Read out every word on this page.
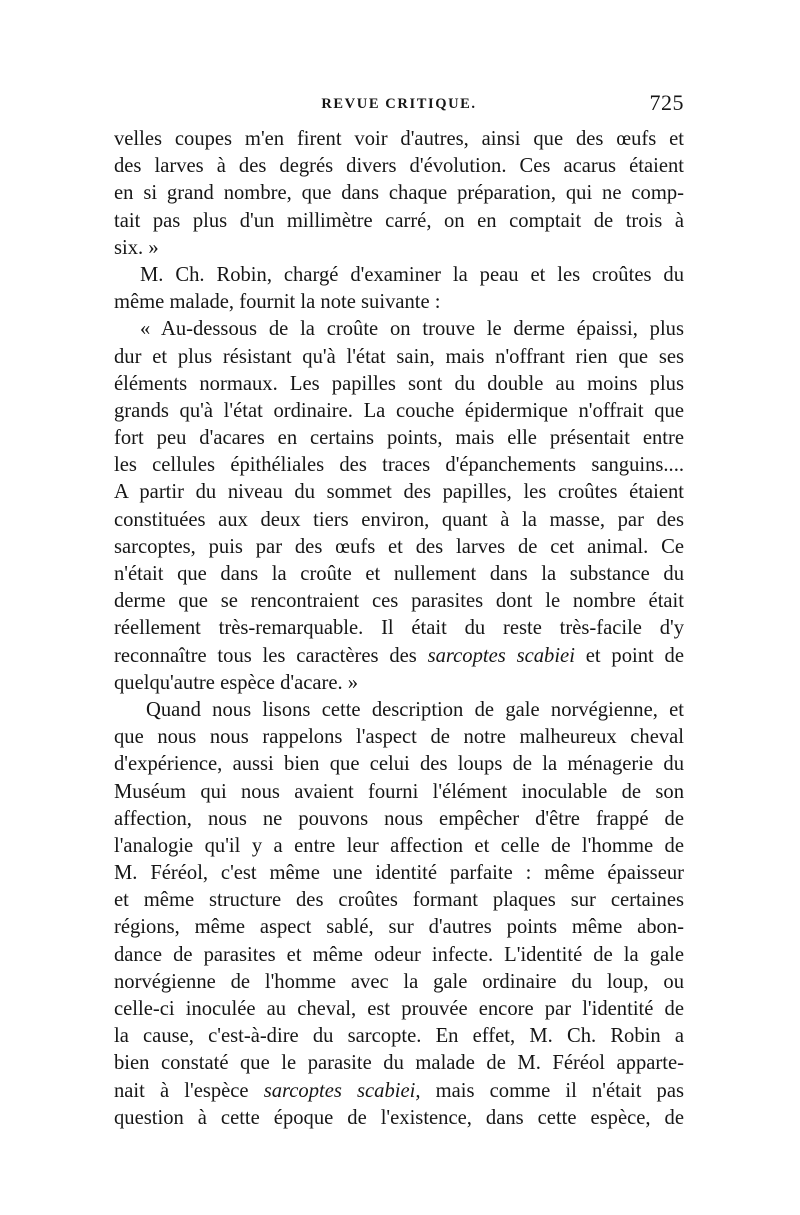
REVUE CRITIQUE.	725
velles coupes m'en firent voir d'autres, ainsi que des œufs et
des larves à des degrés divers d'évolution. Ces acarus étaient
en si grand nombre, que dans chaque préparation, qui ne comp-
tait pas plus d'un millimètre carré, on en comptait de trois à
six. »
M. Ch. Robin, chargé d'examiner la peau et les croûtes du
même malade, fournit la note suivante :
« Au-dessous de la croûte on trouve le derme épaissi, plus
dur et plus résistant qu'à l'état sain, mais n'offrant rien que ses
éléments normaux. Les papilles sont du double au moins plus
grands qu'à l'état ordinaire. La couche épidermique n'offrait que
fort peu d'acares en certains points, mais elle présentait entre
les cellules épithéliales des traces d'épanchements sanguins....
A partir du niveau du sommet des papilles, les croûtes étaient
constituées aux deux tiers environ, quant à la masse, par des
sarcoptes, puis par des œufs et des larves de cet animal. Ce
n'était que dans la croûte et nullement dans la substance du
derme que se rencontraient ces parasites dont le nombre était
réellement très-remarquable. Il était du reste très-facile d'y
reconnaître tous les caractères des sarcoptes scabiei et point de
quelqu'autre espèce d'acare. »
Quand nous lisons cette description de gale norvégienne, et
que nous nous rappelons l'aspect de notre malheureux cheval
d'expérience, aussi bien que celui des loups de la ménagerie du
Muséum qui nous avaient fourni l'élément inoculable de son
affection, nous ne pouvons nous empêcher d'être frappé de
l'analogie qu'il y a entre leur affection et celle de l'homme de
M. Féréol, c'est même une identité parfaite : même épaisseur
et même structure des croûtes formant plaques sur certaines
régions, même aspect sablé, sur d'autres points même abon-
dance de parasites et même odeur infecte. L'identité de la gale
norvégienne de l'homme avec la gale ordinaire du loup, ou
celle-ci inoculée au cheval, est prouvée encore par l'identité de
la cause, c'est-à-dire du sarcopte. En effet, M. Ch. Robin a
bien constaté que le parasite du malade de M. Féréol apparte-
nait à l'espèce sarcoptes scabiei, mais comme il n'était pas
question à cette époque de l'existence, dans cette espèce, de
